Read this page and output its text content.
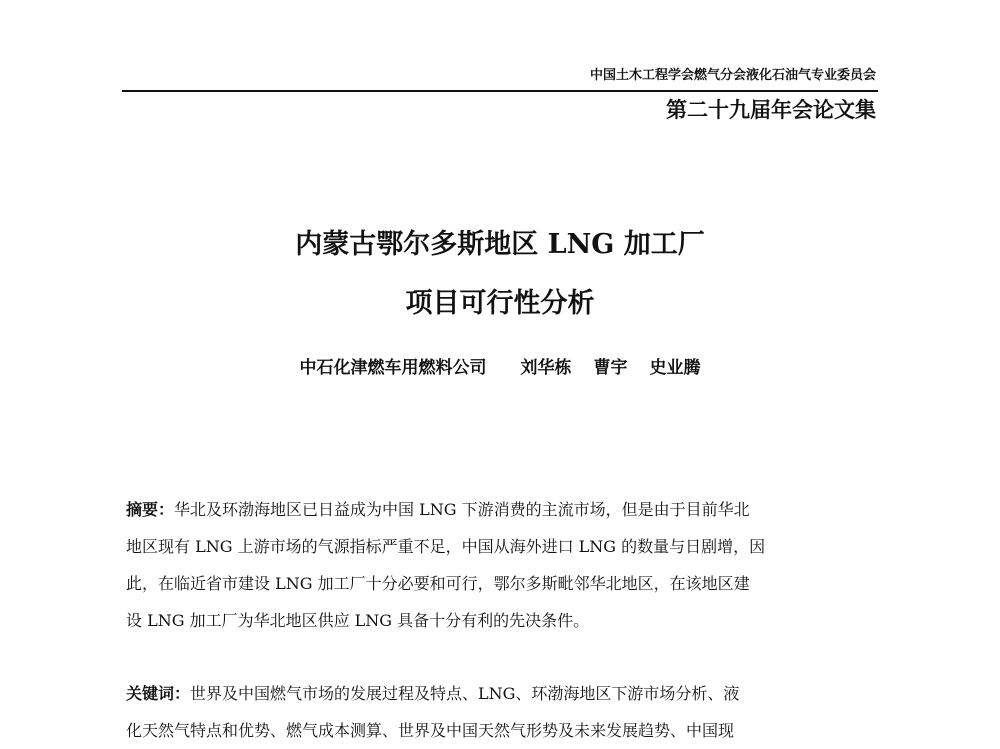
中国土木工程学会燃气分会液化石油气专业委员会
第二十九届年会论文集
内蒙古鄂尔多斯地区 LNG 加工厂
项目可行性分析
中石化津燃车用燃料公司 刘华栋 曹宇 史业腾
摘要：华北及环渤海地区已日益成为中国 LNG 下游消费的主流市场，但是由于目前华北
地区现有 LNG 上游市场的气源指标严重不足，中国从海外进口 LNG 的数量与日剧增，因
此，在临近省市建设 LNG 加工厂十分必要和可行，鄂尔多斯毗邻华北地区，在该地区建
设 LNG 加工厂为华北地区供应 LNG 具备十分有利的先决条件。
关键词：世界及中国燃气市场的发展过程及特点、LNG、环渤海地区下游市场分析、液
化天然气特点和优势、燃气成本测算、世界及中国天然气形势及未来发展趋势、中国现
